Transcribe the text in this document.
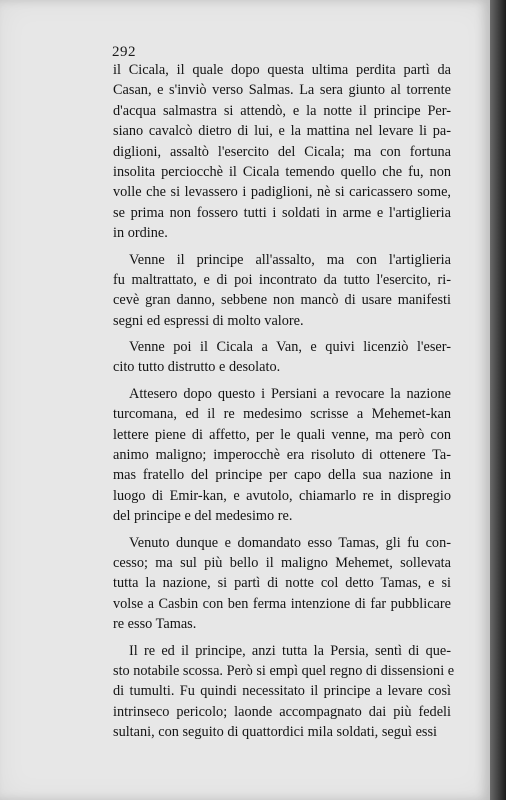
292
il Cicala, il quale dopo questa ultima perdita partì da
Casan, e s'inviò verso Salmas. La sera giunto al torrente
d'acqua salmastra si attendò, e la notte il principe Per-
siano cavalcò dietro di lui, e la mattina nel levare li pa-
diglioni, assaltò l'esercito del Cicala; ma con fortuna
insolita perciocchè il Cicala temendo quello che fu, non
volle che si levassero i padiglioni, nè si caricassero some,
se prima non fossero tutti i soldati in arme e l'artiglieria
in ordine.
Venne il principe all'assalto, ma con l'artiglieria
fu maltrattato, e di poi incontrato da tutto l'esercito, ri-
cevè gran danno, sebbene non mancò di usare manifesti
segni ed espressi di molto valore.
Venne poi il Cicala a Van, e quivi licenziò l'eser-
cito tutto distrutto e desolato.
Attesero dopo questo i Persiani a revocare la nazione
turcomana, ed il re medesimo scrisse a Mehemet-kan
lettere piene di affetto, per le quali venne, ma però con
animo maligno; imperocchè era risoluto di ottenere Ta-
mas fratello del principe per capo della sua nazione in
luogo di Emir-kan, e avutolo, chiamarlo re in dispregio
del principe e del medesimo re.
Venuto dunque e domandato esso Tamas, gli fu con-
cesso; ma sul più bello il maligno Mehemet, sollevata
tutta la nazione, si partì di notte col detto Tamas, e si
volse a Casbin con ben ferma intenzione di far pubblicare
re esso Tamas.
Il re ed il principe, anzi tutta la Persia, sentì di que-
sto notabile scossa. Però si empì quel regno di dissensioni e
di tumulti. Fu quindi necessitato il principe a levare così
intrinseco pericolo; laonde accompagnato dai più fedeli
sultani, con seguito di quattordici mila soldati, seguì essi
